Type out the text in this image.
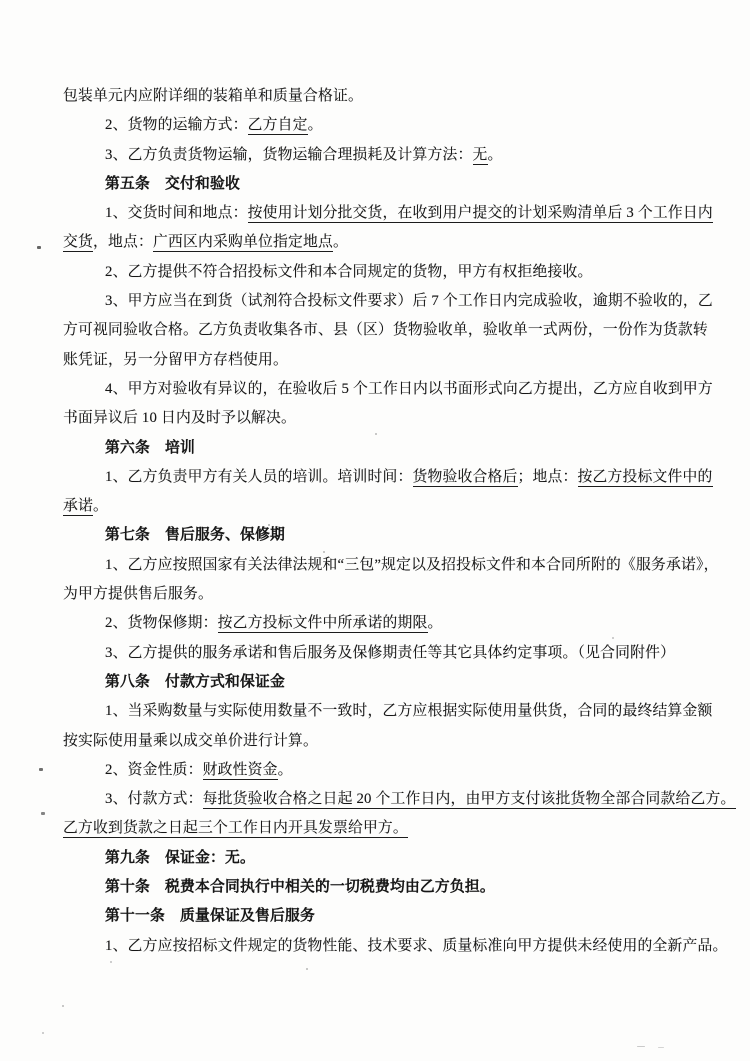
包装单元内应附详细的装箱单和质量合格证。
2、货物的运输方式：乙方自定。
3、乙方负责货物运输，货物运输合理损耗及计算方法：无。
第五条　交付和验收
1、交货时间和地点：按使用计划分批交货，在收到用户提交的计划采购清单后 3 个工作日内
交货，地点：广西区内采购单位指定地点。
2、乙方提供不符合招投标文件和本合同规定的货物，甲方有权拒绝接收。
3、甲方应当在到货（试剂符合投标文件要求）后 7 个工作日内完成验收，逾期不验收的，乙
方可视同验收合格。乙方负责收集各市、县（区）货物验收单，验收单一式两份，一份作为货款转
账凭证，另一分留甲方存档使用。
4、甲方对验收有异议的，在验收后 5 个工作日内以书面形式向乙方提出，乙方应自收到甲方
书面异议后 10 日内及时予以解决。
第六条　培训
1、乙方负责甲方有关人员的培训。培训时间：货物验收合格后；地点：按乙方投标文件中的
承诺。
第七条　售后服务、保修期
1、乙方应按照国家有关法律法规和“三包”规定以及招投标文件和本合同所附的《服务承诺》，
为甲方提供售后服务。
2、货物保修期：按乙方投标文件中所承诺的期限。
3、乙方提供的服务承诺和售后服务及保修期责任等其它具体约定事项。（见合同附件）
第八条　付款方式和保证金
1、当采购数量与实际使用数量不一致时，乙方应根据实际使用量供货，合同的最终结算金额
按实际使用量乘以成交单价进行计算。
2、资金性质：财政性资金。
3、付款方式：每批货验收合格之日起 20 个工作日内，由甲方支付该批货物全部合同款给乙方。
乙方收到货款之日起三个工作日内开具发票给甲方。
第九条　保证金：无。
第十条　税费本合同执行中相关的一切税费均由乙方负担。
第十一条　质量保证及售后服务
1、乙方应按招标文件规定的货物性能、技术要求、质量标准向甲方提供未经使用的全新产品。
